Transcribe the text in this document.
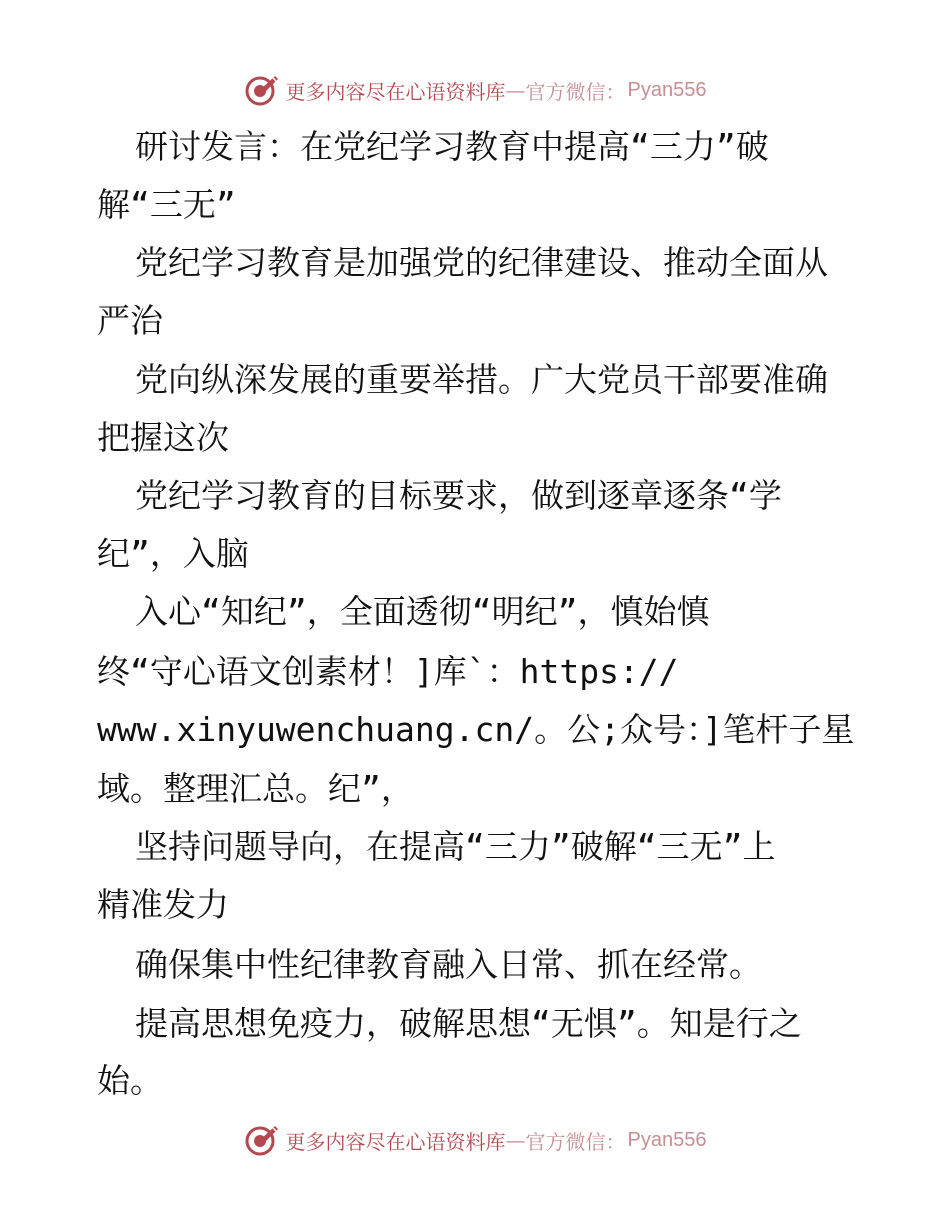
更多内容尽在心语资料库 — 官方微信： Pyan556
研讨发言：在党纪学习教育中提高“三力”破
解“三无”
党纪学习教育是加强党的纪律建设、推动全面从
严治
党向纵深发展的重要举措。广大党员干部要准确
把握这次
党纪学习教育的目标要求，做到逐章逐条“学
纪”，入脑
入心“知纪”，全面透彻“明纪”，慎始慎
终“守心语文创素材！]库`：https://
www.xinyuwenchuang.cn/。公;众号：]笔杆子星
域。整理汇总。纪”，
坚持问题导向，在提高“三力”破解“三无”上
精准发力
确保集中性纪律教育融入日常、抓在经常。
提高思想免疫力，破解思想“无惧”。知是行之
始。
更多内容尽在心语资料库 — 官方微信： Pyan556
